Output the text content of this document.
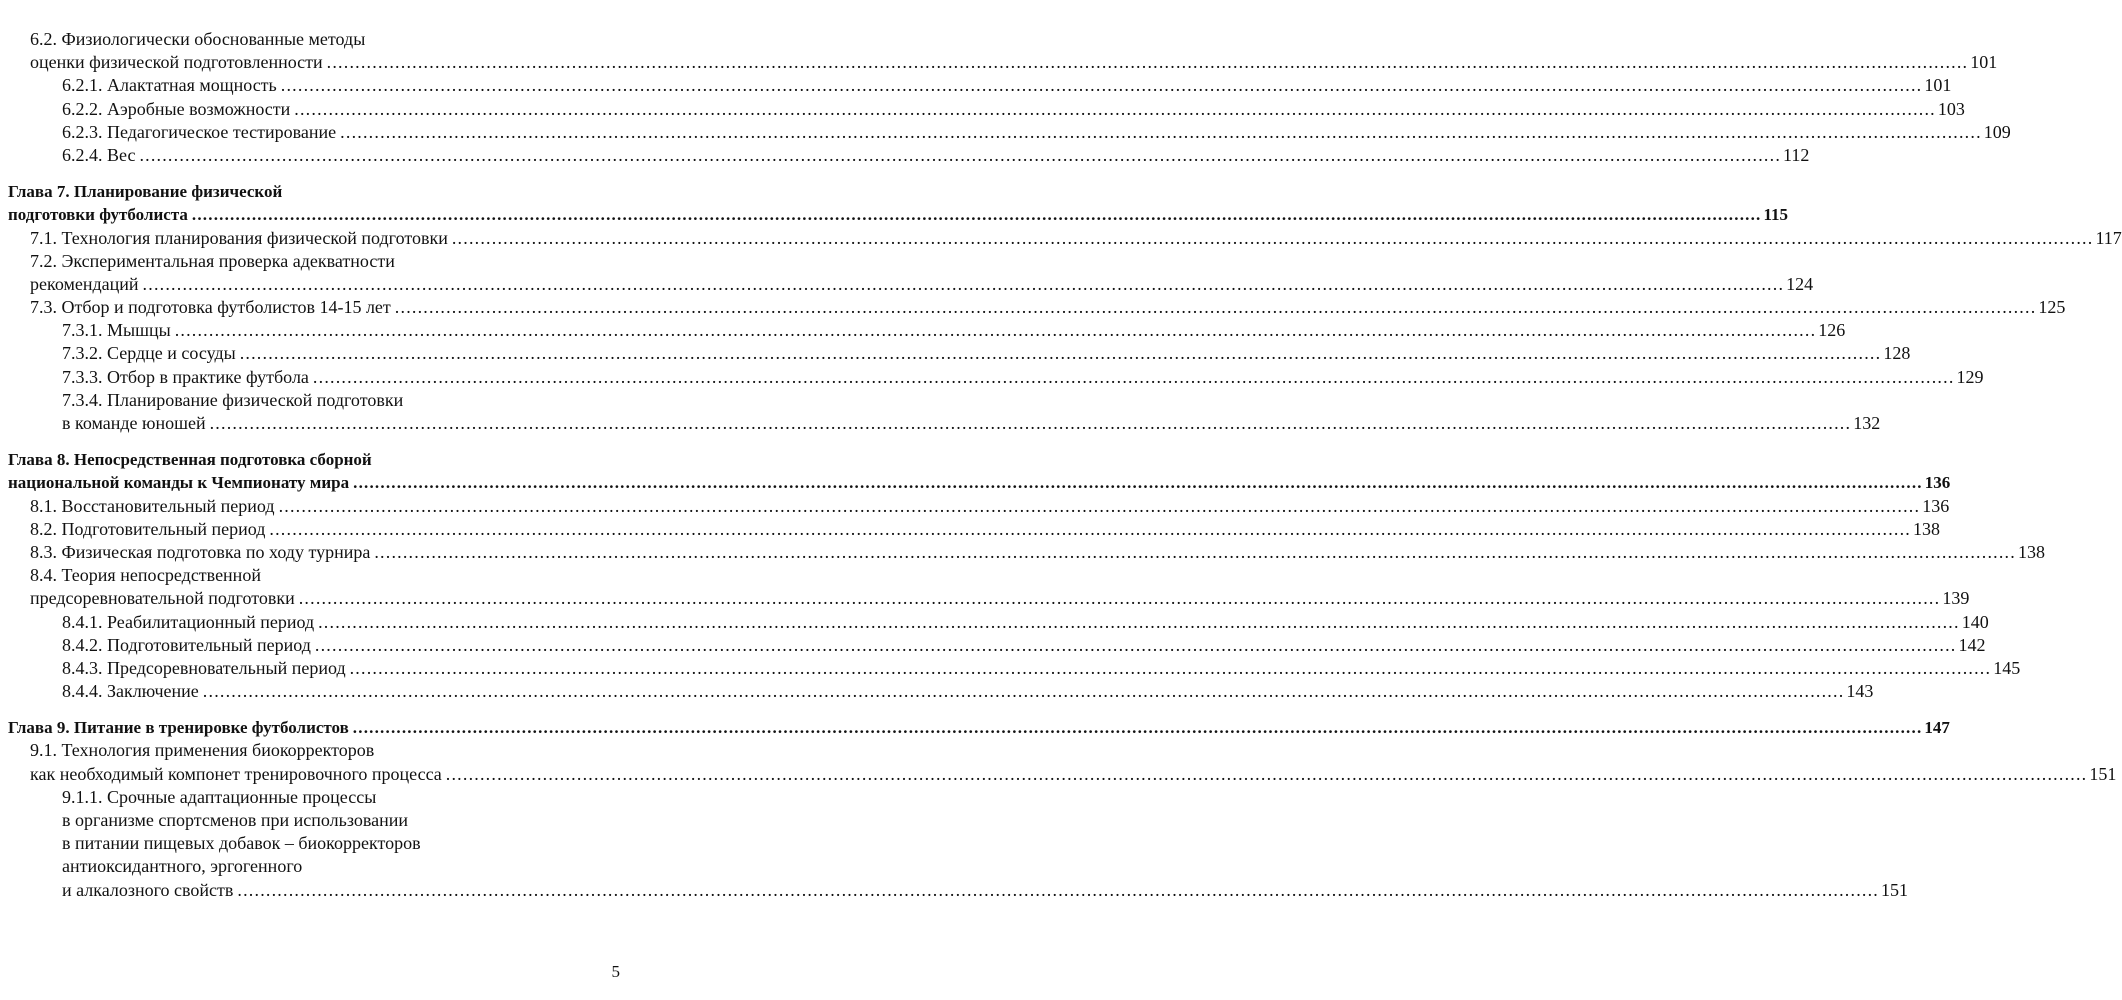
6.2. Физиологически обоснованные методы
оценки физической подготовленности ................................................................................................................................................................................................................................................................................................ 101
6.2.1. Алактатная мощность ................................................................................................................................................................................................................................................................................................ 101
6.2.2. Аэробные возможности ................................................................................................................................................................................................................................................................................................ 103
6.2.3. Педагогическое тестирование ................................................................................................................................................................................................................................................................................................ 109
6.2.4. Вес ................................................................................................................................................................................................................................................................................................ 112
Глава 7. Планирование физической
подготовки футболиста ................................................................................................................................................................................................................................................................................................ 115
7.1. Технология планирования физической подготовки ................................................................................................................................................................................................................................................................................................ 117
7.2. Экспериментальная проверка адекватности
рекомендаций ................................................................................................................................................................................................................................................................................................ 124
7.3. Отбор и подготовка футболистов 14-15 лет ................................................................................................................................................................................................................................................................................................ 125
7.3.1. Мышцы ................................................................................................................................................................................................................................................................................................ 126
7.3.2. Сердце и сосуды ................................................................................................................................................................................................................................................................................................ 128
7.3.3. Отбор в практике футбола ................................................................................................................................................................................................................................................................................................ 129
7.3.4. Планирование физической подготовки
в команде юношей ................................................................................................................................................................................................................................................................................................ 132
Глава 8. Непосредственная подготовка сборной
национальной команды к Чемпионату мира ................................................................................................................................................................................................................................................................................................ 136
8.1. Восстановительный период ................................................................................................................................................................................................................................................................................................ 136
8.2. Подготовительный период ................................................................................................................................................................................................................................................................................................ 138
8.3. Физическая подготовка по ходу турнира ................................................................................................................................................................................................................................................................................................ 138
8.4. Теория непосредственной
предсоревновательной подготовки ................................................................................................................................................................................................................................................................................................ 139
8.4.1. Реабилитационный период ................................................................................................................................................................................................................................................................................................ 140
8.4.2. Подготовительный период ................................................................................................................................................................................................................................................................................................ 142
8.4.3. Предсоревновательный период ................................................................................................................................................................................................................................................................................................ 145
8.4.4. Заключение ................................................................................................................................................................................................................................................................................................ 143
Глава 9. Питание в тренировке футболистов ................................................................................................................................................................................................................................................................................................ 147
9.1. Технология применения биокорректоров
как необходимый компонет тренировочного процесса ................................................................................................................................................................................................................................................................................................ 151
9.1.1. Срочные адаптационные процессы
в организме спортсменов при использовании
в питании пищевых добавок – биокорректоров
антиоксидантного, эргогенного
и алкалозного свойств ................................................................................................................................................................................................................................................................................................ 151
5
